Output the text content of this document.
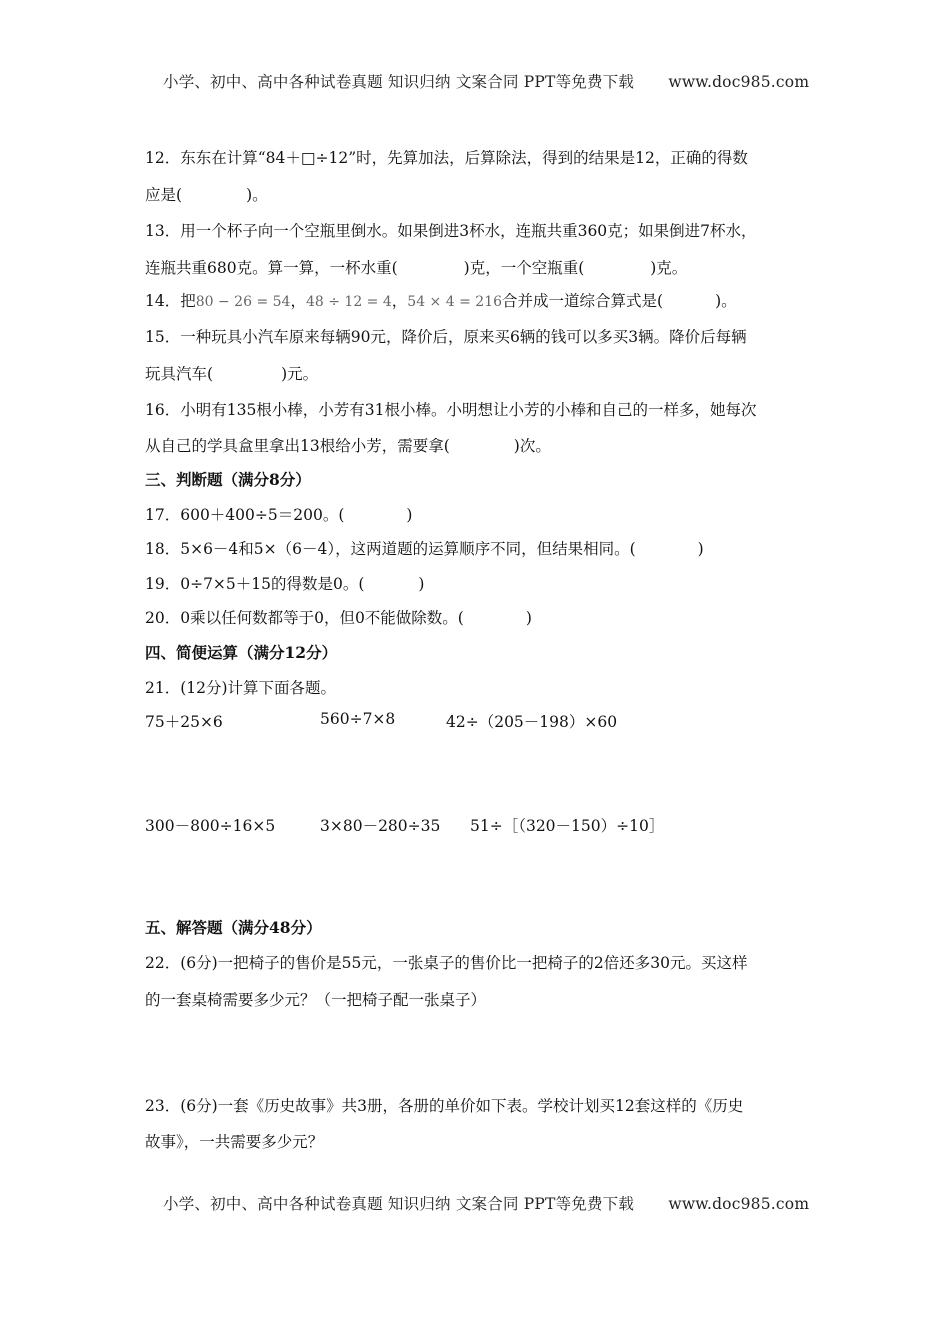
小学、初中、高中各种试卷真题 知识归纳 文案合同 PPT等免费下载 www.doc985.com
12．东东在计算“84＋□÷12”时，先算加法，后算除法，得到的结果是12，正确的得数
应是(	)。
13．用一个杯子向一个空瓶里倒水。如果倒进3杯水，连瓶共重360克；如果倒进7杯水，
连瓶共重680克。算一算，一杯水重(	)克，一个空瓶重(	)克。
14．把80 − 26 = 54，48 ÷ 12 = 4，54 × 4 = 216合并成一道综合算式是(	)。
15．一种玩具小汽车原来每辆90元，降价后，原来买6辆的钱可以多买3辆。降价后每辆
玩具汽车(	)元。
16．小明有135根小棒，小芳有31根小棒。小明想让小芳的小棒和自己的一样多，她每次
从自己的学具盒里拿出13根给小芳，需要拿(	)次。
三、判断题（满分8分）
17．600＋400÷5＝200。(	)
18．5×6－4和5×（6－4），这两道题的运算顺序不同，但结果相同。(	)
19．0÷7×5＋15的得数是0。(	)
20．0乘以任何数都等于0，但0不能做除数。(	)
四、简便运算（满分12分）
21．(12分)计算下面各题。
75＋25×6	560÷7×8	42÷（205－198）×60
300－800÷16×5	3×80－280÷35 51÷［（320－150）÷10］
五、解答题（满分48分）
22．(6分)一把椅子的售价是55元，一张桌子的售价比一把椅子的2倍还多30元。买这样
的一套桌椅需要多少元？（一把椅子配一张桌子）
23．(6分)一套《历史故事》共3册，各册的单价如下表。学校计划买12套这样的《历史
故事》，一共需要多少元？
小学、初中、高中各种试卷真题 知识归纳 文案合同 PPT等免费下载 www.doc985.com
